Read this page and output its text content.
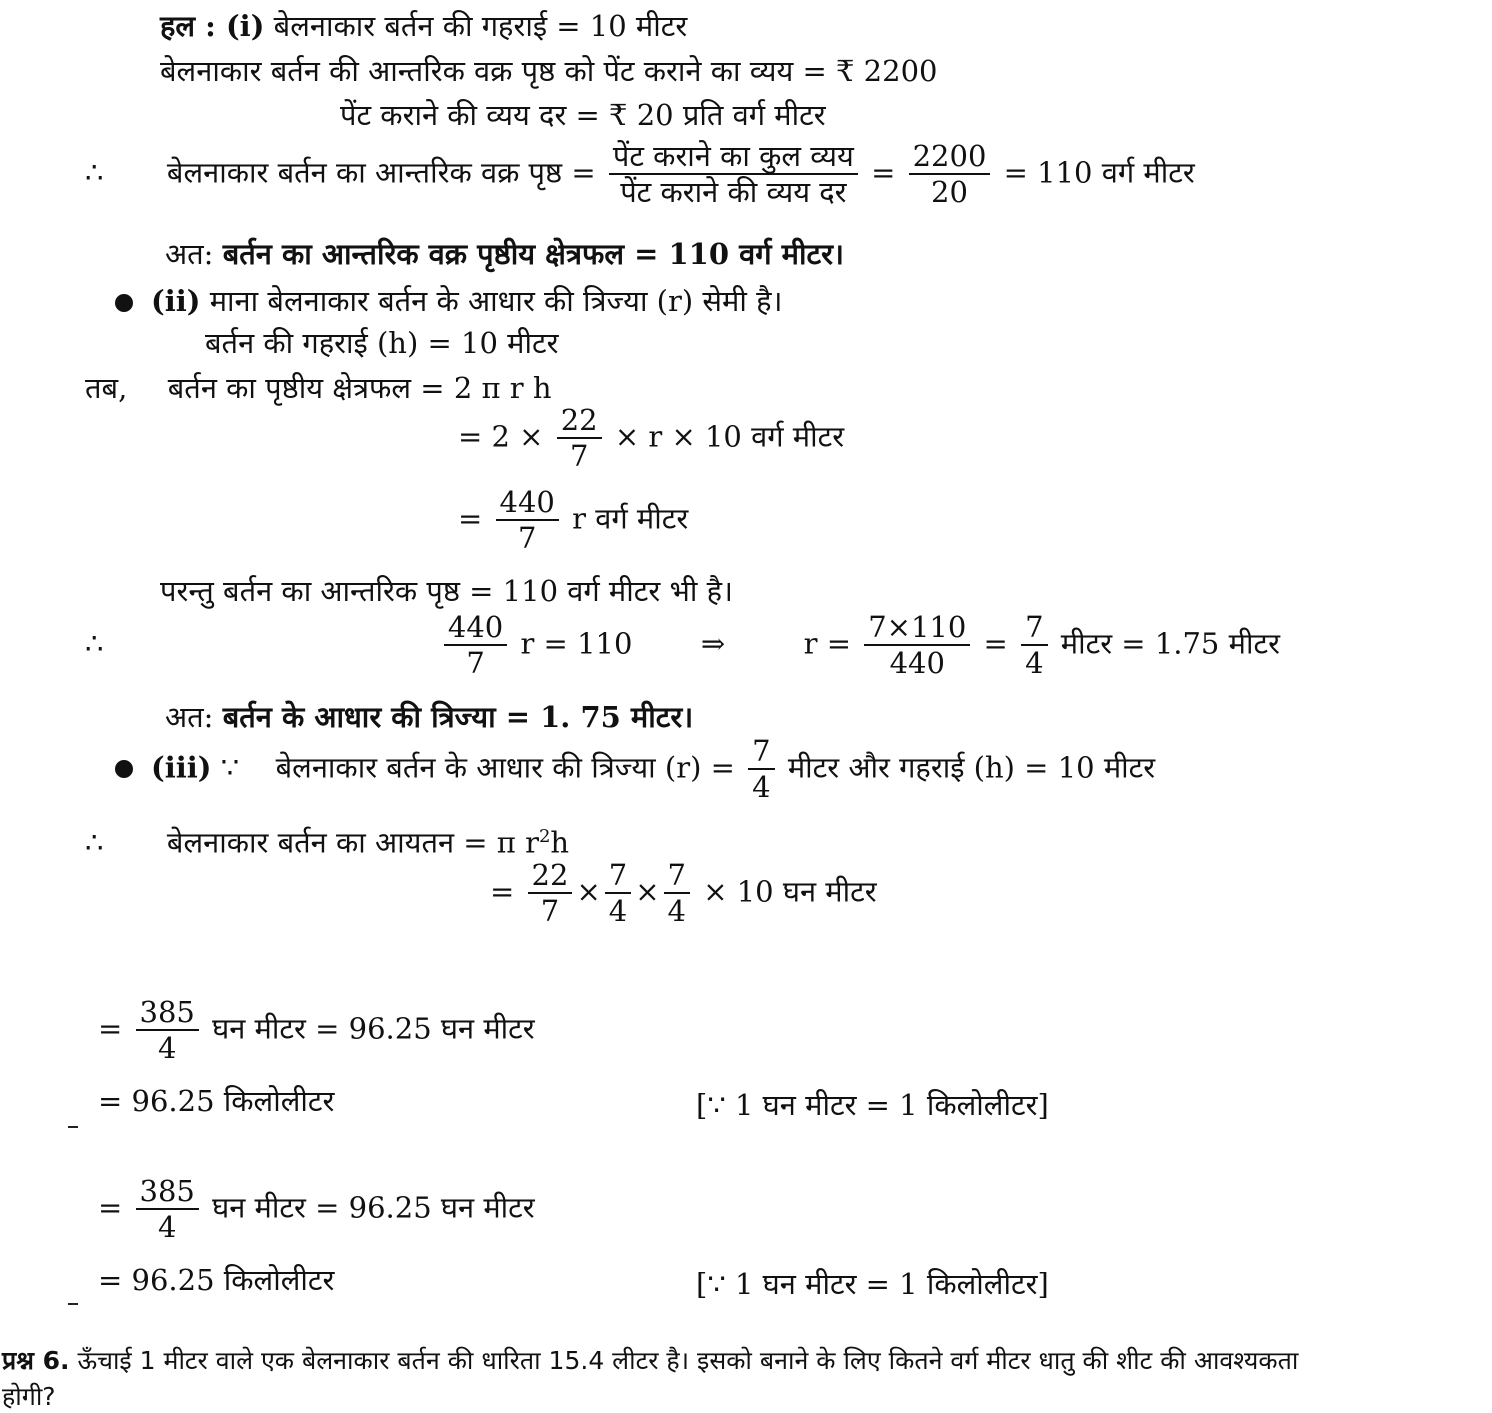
हल : (i) बेलनाकार बर्तन की गहराई = 10 मीटर
बेलनाकार बर्तन की आन्तरिक वक्र पृष्ठ को पेंट कराने का व्यय = ₹ 2200
पेंट कराने की व्यय दर = ₹ 20 प्रति वर्ग मीटर
∴ बेलनाकार बर्तन का आन्तरिक वक्र पृष्ठ = $\frac{\text{पेंट कराने का कुल व्यय}}{\text{पेंट कराने की व्यय दर}} = \frac{2200}{20} = 110$ वर्ग मीटर
अत: बर्तन का आन्तरिक वक्र पृष्ठीय क्षेत्रफल = 110 वर्ग मीटर।
(ii) माना बेलनाकार बर्तन के आधार की त्रिज्या (r) सेमी है।
बर्तन की गहराई (h) = 10 मीटर
तब, बर्तन का पृष्ठीय क्षेत्रफल = 2 π r h
= $2 \times \frac{22}{7} \times r \times 10$ वर्ग मीटर
= $\frac{440}{7}$ r वर्ग मीटर
परन्तु बर्तन का आन्तरिक पृष्ठ = 110 वर्ग मीटर भी है।
∴	$\frac{440}{7}$ r = 110 ⇒	$r = \frac{7\times 110}{440} = \frac{7}{4}$ मीटर = 1.75 मीटर
अत: बर्तन के आधार की त्रिज्या = 1. 75 मीटर।
(iii) ∵ बेलनाकार बर्तन के आधार की त्रिज्या $(r) = \frac{7}{4}$ मीटर और गहराई (h) = 10 मीटर
∴ बेलनाकार बर्तन का आयतन = π $r^2h$
= $\frac{22}{7} \times \frac{7}{4} \times \frac{7}{4} \times 10$ घन मीटर
= $\frac{385}{4}$ घन मीटर = 96.25 घन मीटर
= 96.25 किलोलीटर	[∵ 1 घन मीटर = 1 किलोलीटर]
= $\frac{385}{4}$ घन मीटर = 96.25 घन मीटर
= 96.25 किलोलीटर	[∵ 1 घन मीटर = 1 किलोलीटर]
प्रश्न 6. ऊँचाई 1 मीटर वाले एक बेलनाकार बर्तन की धारिता 15.4 लीटर है। इसको बनाने के लिए कितने वर्ग मीटर धातु की शीट की आवश्यकता
होगी?
